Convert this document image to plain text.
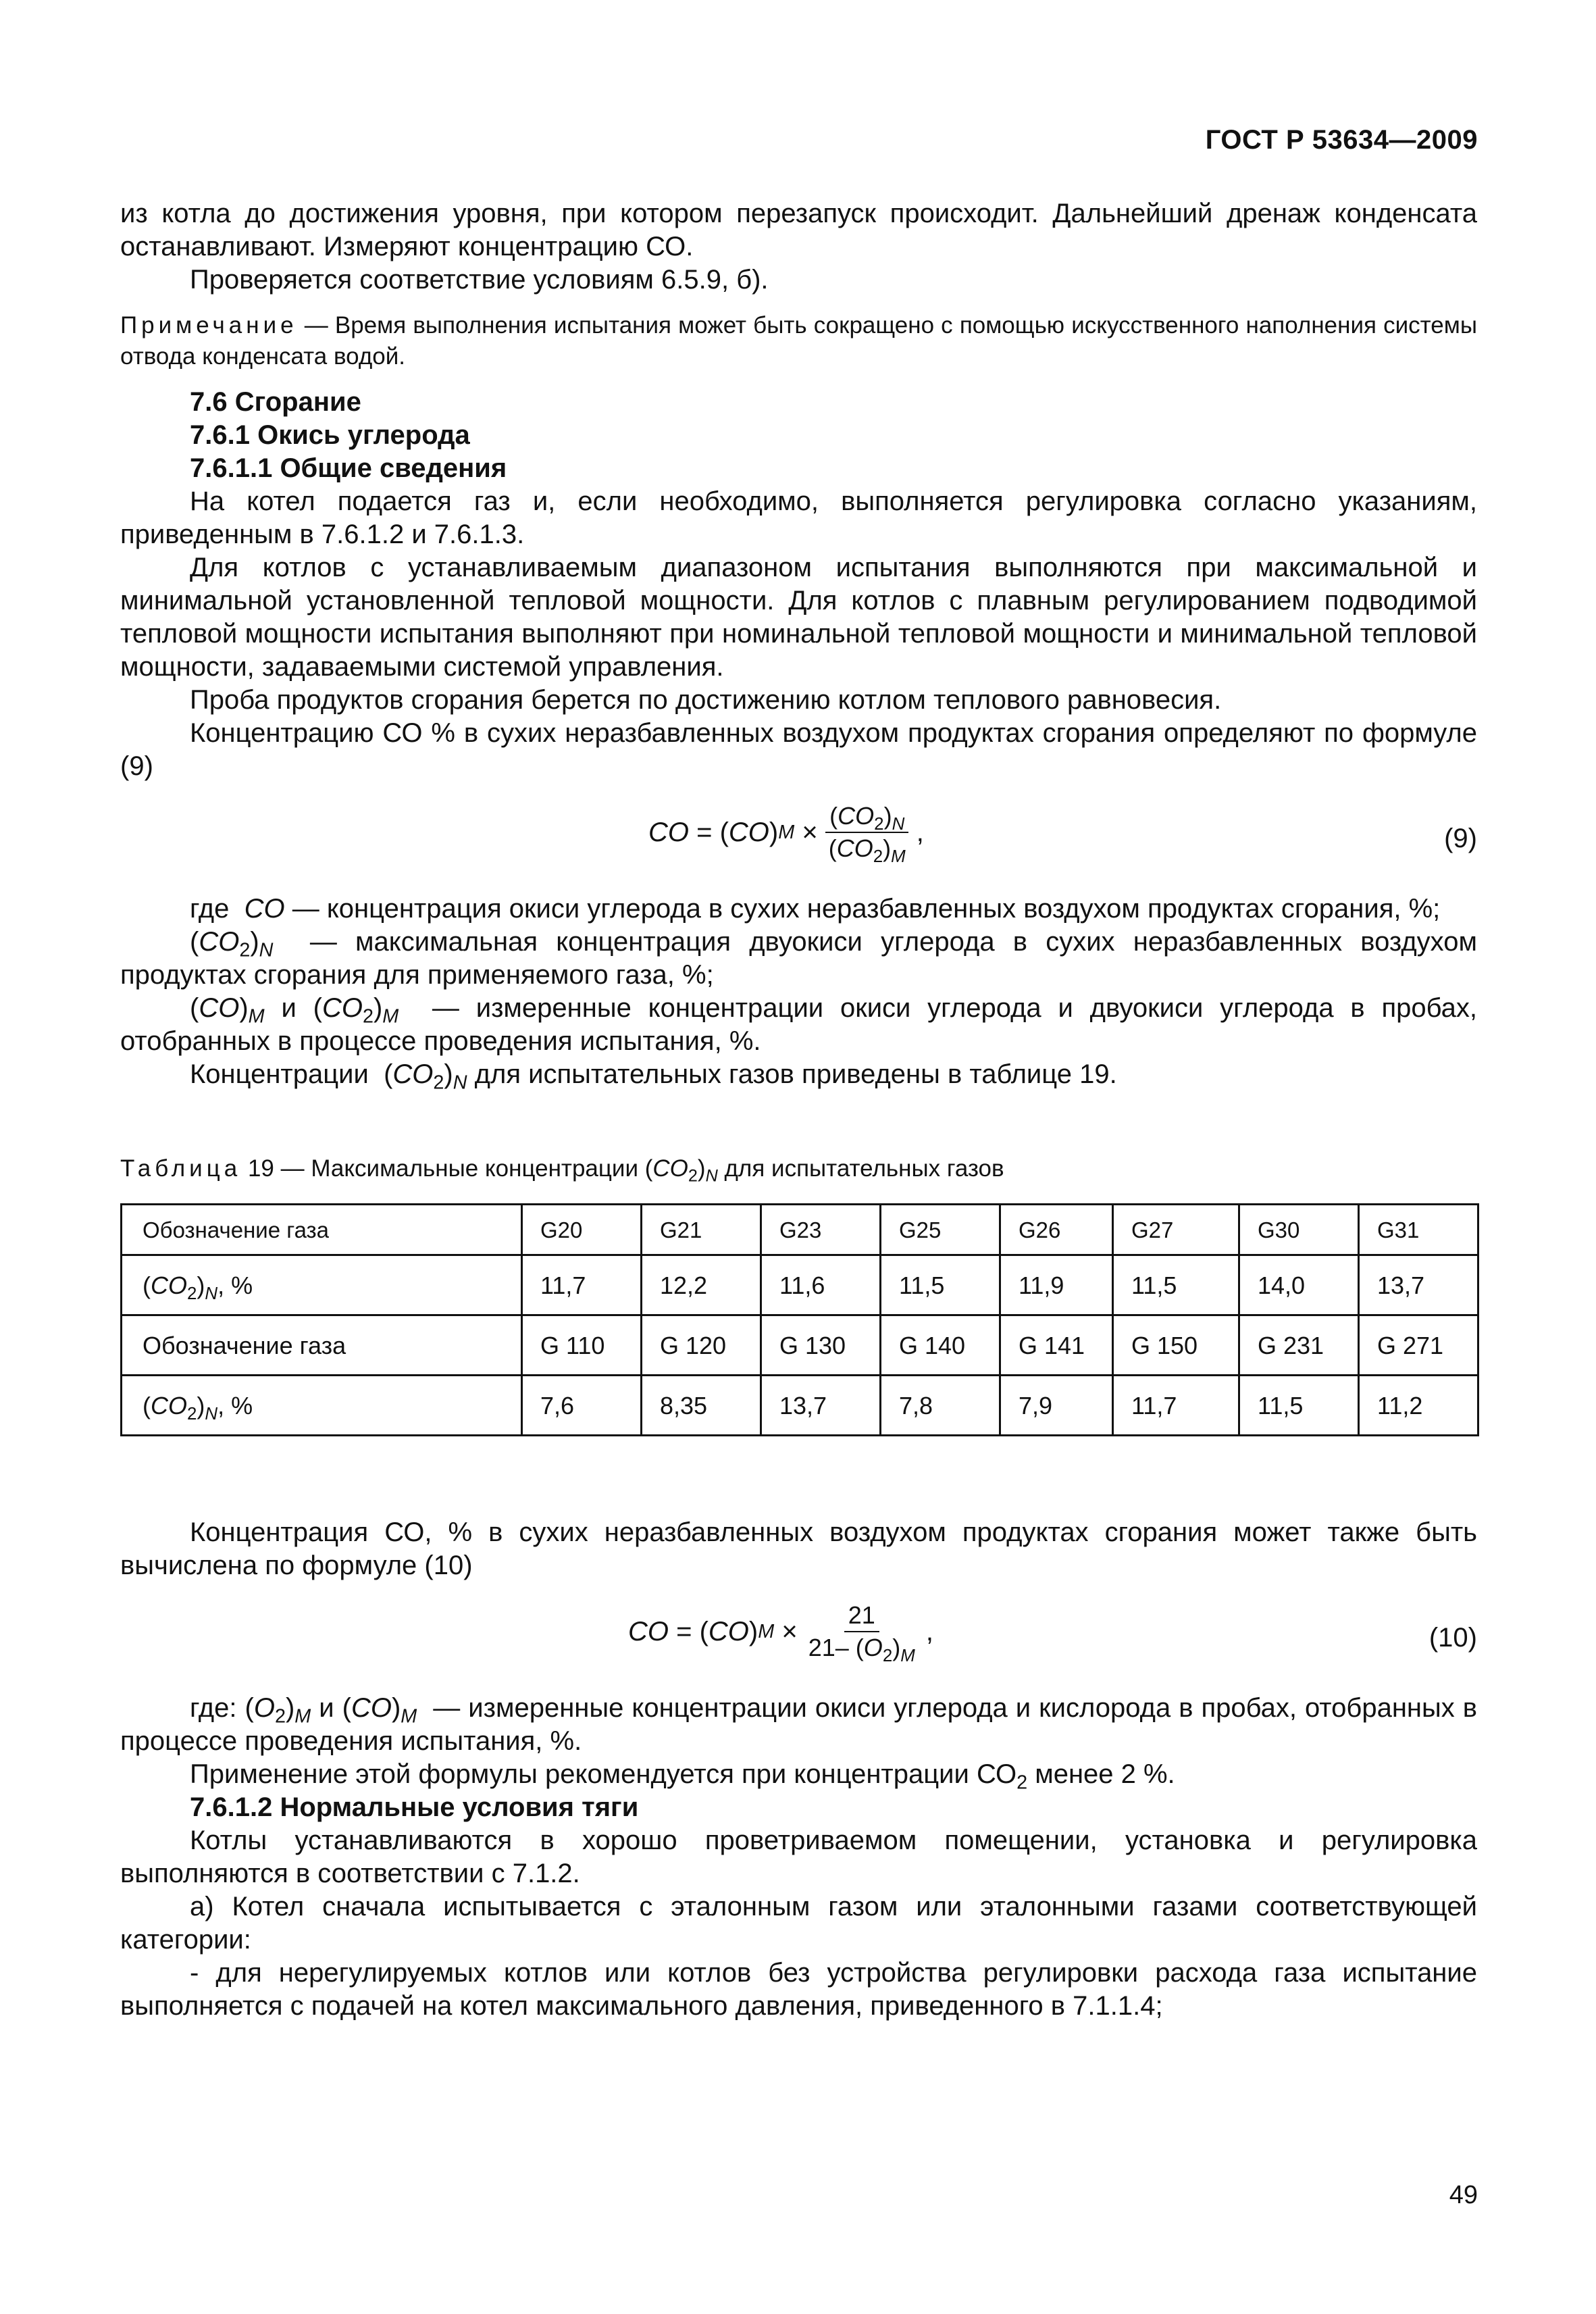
ГОСТ Р 53634—2009

из котла до достижения уровня, при котором перезапуск происходит. Дальнейший дренаж конденсата останавливают. Измеряют концентрацию СО.

Проверяется соответствие условиям 6.5.9, б).

Примечание — Время выполнения испытания может быть сокращено с помощью искусственного наполнения системы отвода конденсата водой.

7.6 Сгорание

7.6.1 Окись углерода

7.6.1.1 Общие сведения

На котел подается газ и, если необходимо, выполняется регулировка согласно указаниям, приведенным в 7.6.1.2 и 7.6.1.3.

Для котлов с устанавливаемым диапазоном испытания выполняются при максимальной и минимальной установленной тепловой мощности. Для котлов с плавным регулированием подводимой тепловой мощности испытания выполняют при номинальной тепловой мощности и минимальной тепловой мощности, задаваемыми системой управления.

Проба продуктов сгорания берется по достижению котлом теплового равновесия.

Концентрацию СО % в сухих неразбавленных воздухом продуктах сгорания определяют по формуле (9)

CO = ( CO ) $M \times \frac{(CO_2)_N}{(CO_2)_M}$ ,	(9)

где CO — концентрация окиси углерода в сухих неразбавленных воздухом продуктах сгорания, %;

$(CO_2)_N$ — максимальная концентрация двуокиси углерода в сухих неразбавленных воздухом продуктах сгорания для применяемого газа, %;

$(CO)_M$ и $(CO_2)_M$ — измеренные концентрации окиси углерода и двуокиси углерода в пробах, отобранных в процессе проведения испытания, %.

Концентрации  $(CO_2)_N$ для испытательных газов приведены в таблице 19.

Таблица 19 — Максимальные концентрации $(CO_2)_N$ для испытательных газов

Обозначение газа	G20	G21	G23	G25	G26	G27	G30	G31
$(CO_2)_N$, %	11,7	12,2	11,6	11,5	11,9	11,5	14,0	13,7
Обозначение газа	G 110	G 120	G 130	G 140	G 141	G 150	G 231	G 271
$(CO_2)_N$, %	7,6	8,35	13,7	7,8	7,9	11,7	11,5	11,2

Концентрация СО, % в сухих неразбавленных воздухом продуктах сгорания может также быть вычислена по формуле (10)

CO = ( CO ) $M \times \frac{21}{21- (O_2)_M}$ ,	(10)

где: $(O_2)_M$ и $(CO)_M$ — измеренные концентрации окиси углерода и кислорода в пробах, отобранных в процессе проведения испытания, %.

Применение этой формулы рекомендуется при концентрации $СО_2$ менее 2 %.

7.6.1.2 Нормальные условия тяги

Котлы устанавливаются в хорошо проветриваемом помещении, установка и регулировка выполняются в соответствии с 7.1.2.

а) Котел сначала испытывается с эталонным газом или эталонными газами соответствующей категории:

- для нерегулируемых котлов или котлов без устройства регулировки расхода газа испытание выполняется с подачей на котел максимального давления, приведенного в 7.1.1.4;

49
